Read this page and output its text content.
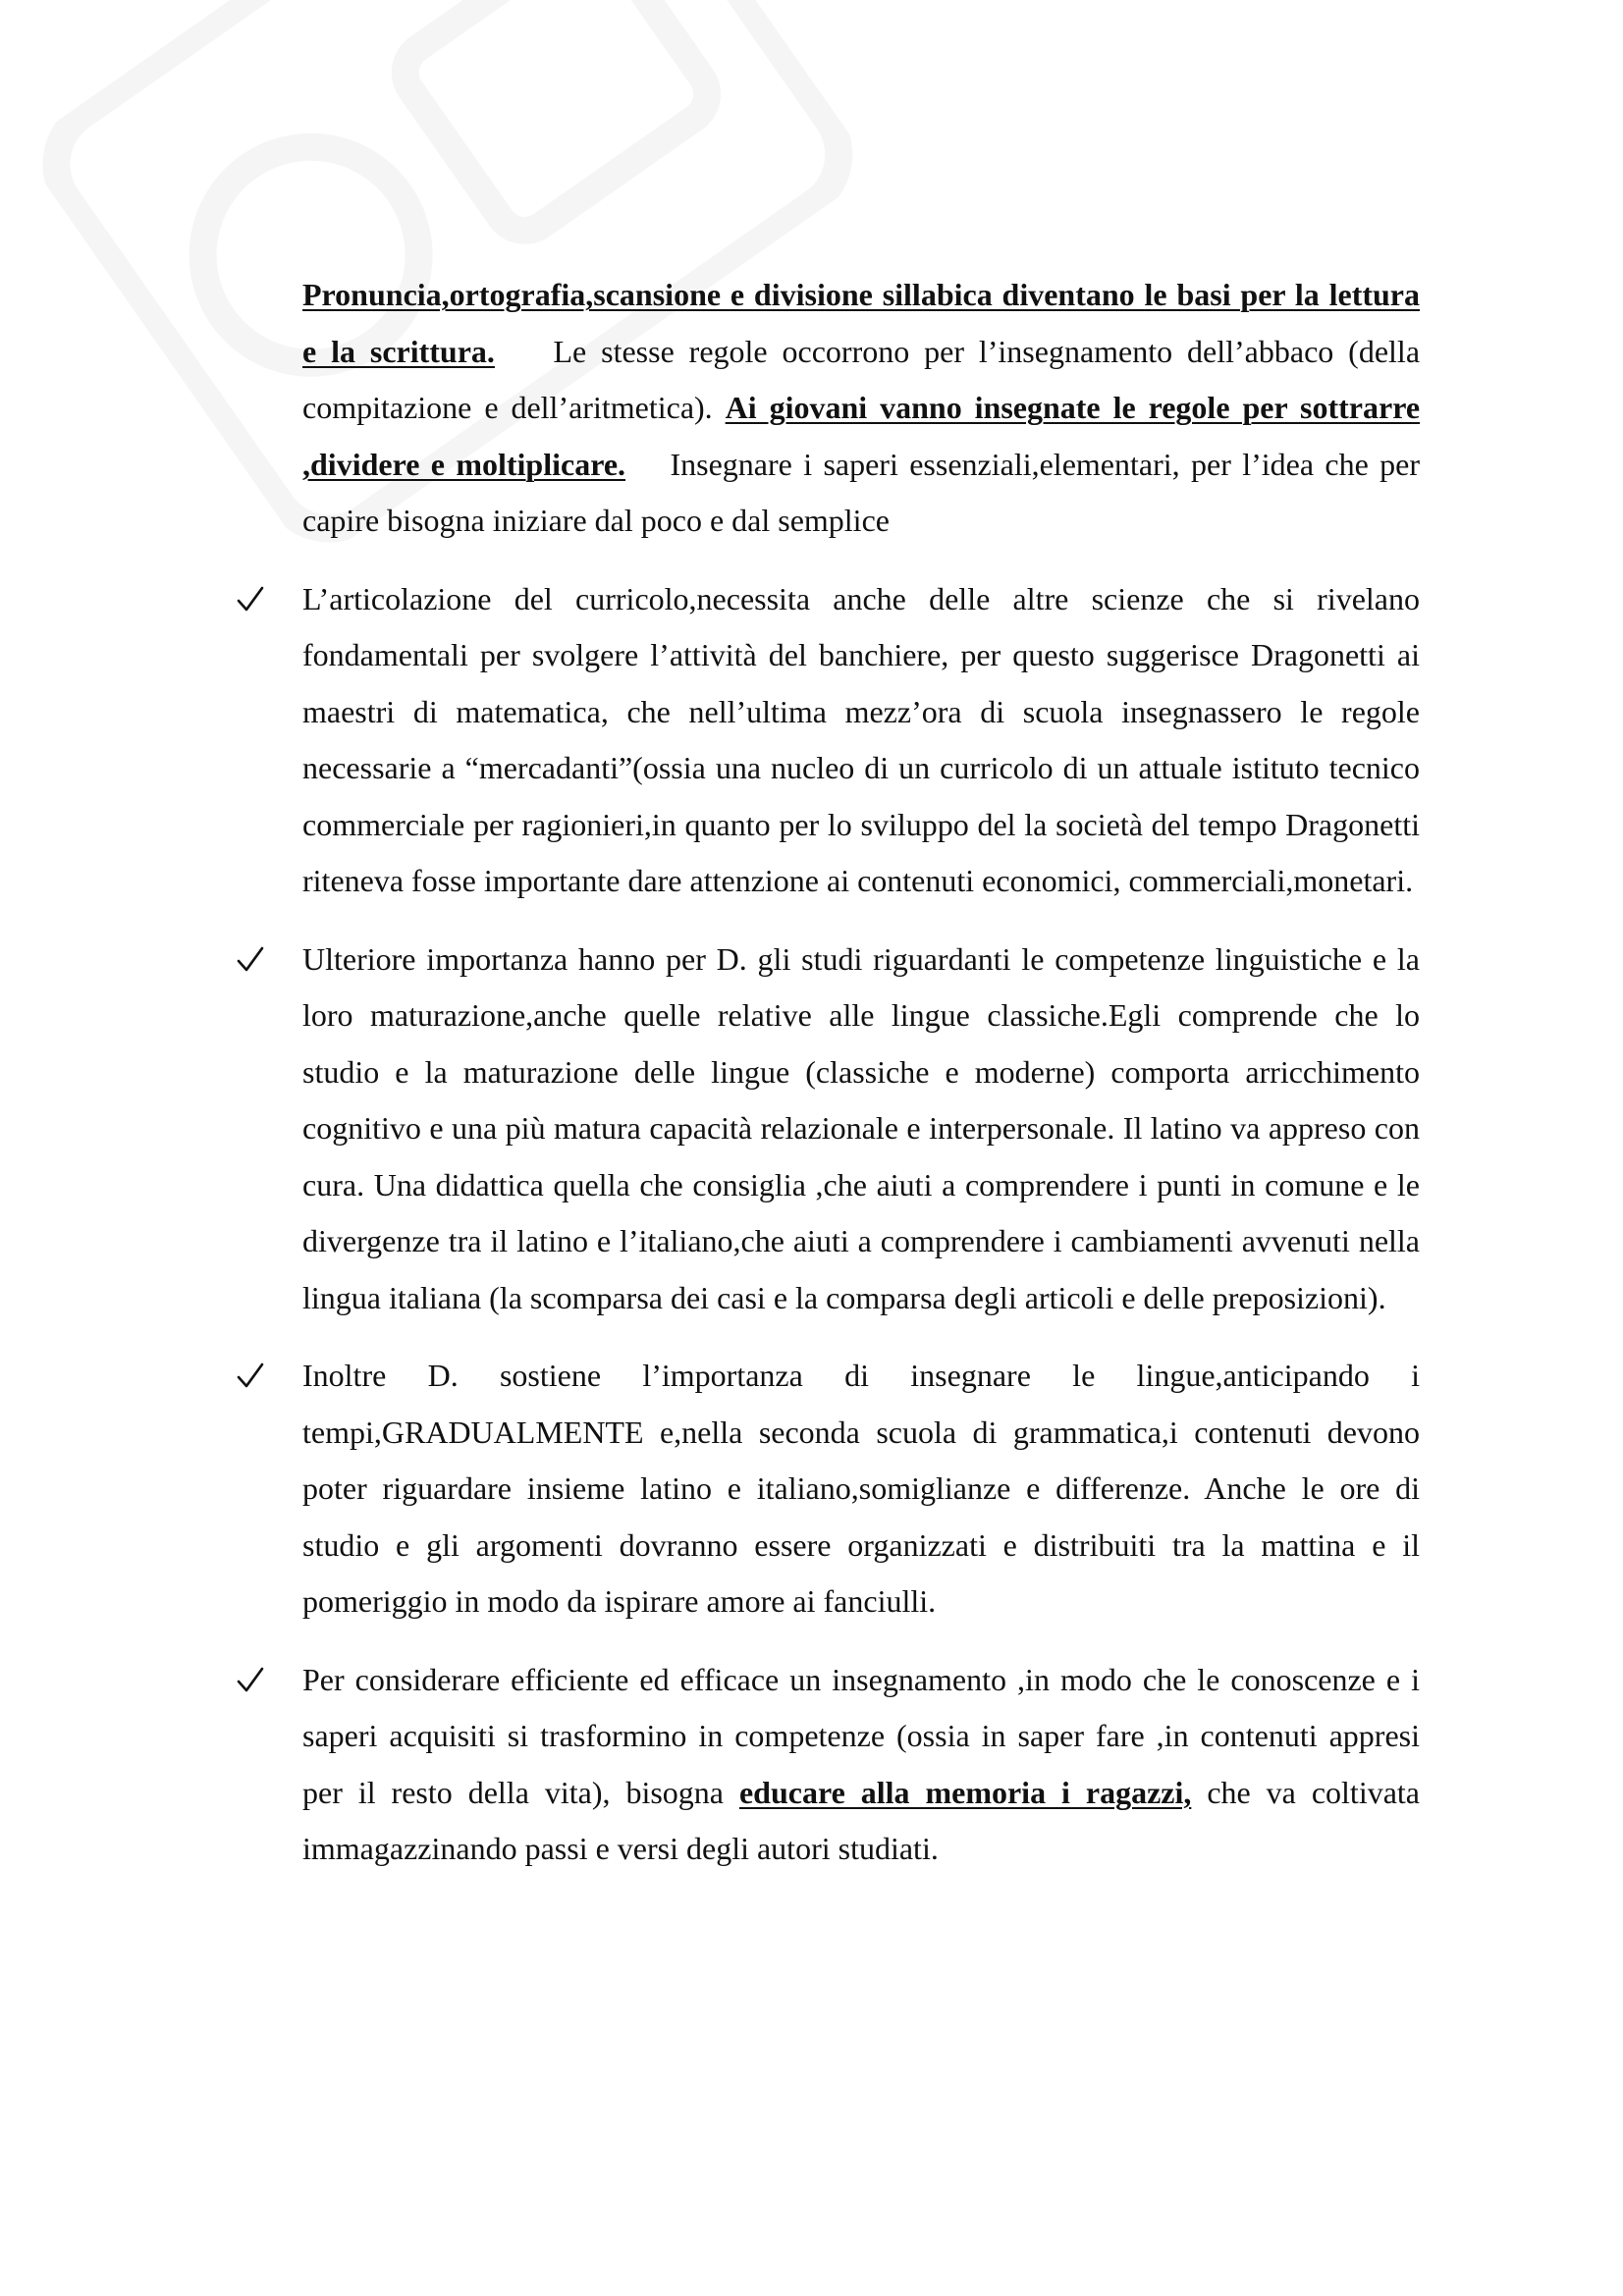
Pronuncia,ortografia,scansione e divisione sillabica diventano le basi per la lettura e la scrittura. Le stesse regole occorrono per l’insegnamento dell’abbaco (della compitazione e dell’aritmetica). Ai giovani vanno insegnate le regole per sottrarre ,dividere e moltiplicare. Insegnare i saperi essenziali,elementari, per l’idea che per capire bisogna iniziare dal poco e dal semplice

L’articolazione del curricolo,necessita anche delle altre scienze che si rivelano fondamentali per svolgere l’attività del banchiere, per questo suggerisce Dragonetti ai maestri di matematica, che nell’ultima mezz’ora di scuola insegnassero le regole necessarie a “mercadanti”(ossia una nucleo di un curricolo di un attuale istituto tecnico commerciale per ragionieri,in quanto per lo sviluppo del la società del tempo Dragonetti riteneva fosse importante dare attenzione ai contenuti economici, commerciali,monetari.

Ulteriore importanza hanno per D. gli studi riguardanti le competenze linguistiche e la loro maturazione,anche quelle relative alle lingue classiche.Egli comprende che lo studio e la maturazione delle lingue (classiche e moderne) comporta arricchimento cognitivo e una più matura capacità relazionale e interpersonale. Il latino va appreso con cura. Una didattica quella che consiglia ,che aiuti a comprendere i punti in comune e le divergenze tra il latino e l’italiano,che aiuti a comprendere i cambiamenti avvenuti nella lingua italiana (la scomparsa dei casi e la comparsa degli articoli e delle preposizioni).

Inoltre D. sostiene l’importanza di insegnare le lingue,anticipando i tempi,GRADUALMENTE e,nella seconda scuola di grammatica,i contenuti devono poter riguardare insieme latino e italiano,somiglianze e differenze. Anche le ore di studio e gli argomenti dovranno essere organizzati e distribuiti tra la mattina e il pomeriggio in modo da ispirare amore ai fanciulli.

Per considerare efficiente ed efficace un insegnamento ,in modo che le conoscenze e i saperi acquisiti si trasformino in competenze (ossia in saper fare ,in contenuti appresi per il resto della vita), bisogna educare alla memoria i ragazzi, che va coltivata immagazzinando passi e versi degli autori studiati.
